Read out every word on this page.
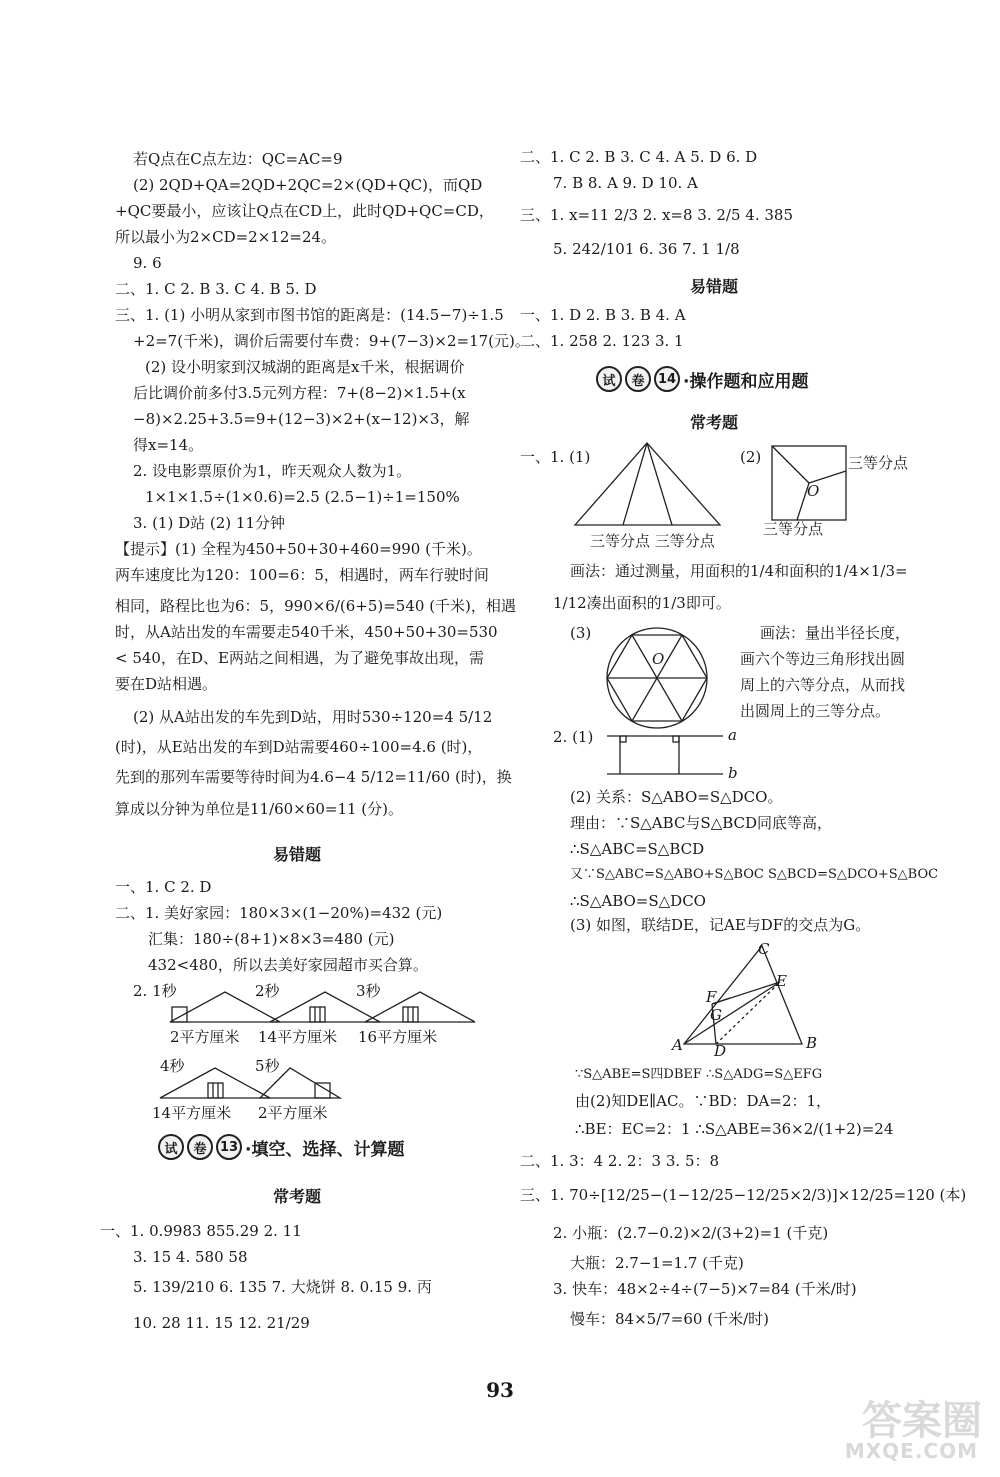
若Q点在C点左边：QC=AC=9
(2) 2QD+QA=2QD+2QC=2×(QD+QC)，而QD
+QC要最小，应该让Q点在CD上，此时QD+QC=CD，
所以最小为2×CD=2×12=24。
9. 6
二、1. C 2. B 3. C 4. B 5. D
三、1. (1) 小明从家到市图书馆的距离是：(14.5−7)÷1.5
+2=7(千米)，调价后需要付车费：9+(7−3)×2=17(元)。
(2) 设小明家到汉城湖的距离是x千米，根据调价
后比调价前多付3.5元列方程：7+(8−2)×1.5+(x
−8)×2.25+3.5=9+(12−3)×2+(x−12)×3，解
得x=14。
2. 设电影票原价为1，昨天观众人数为1。
1×1×1.5÷(1×0.6)=2.5 (2.5−1)÷1=150%
3. (1) D站 (2) 11分钟
【提示】(1) 全程为450+50+30+460=990 (千米)。
两车速度比为120：100=6：5，相遇时，两车行驶时间
相同，路程比也为6：5，990×6/(6+5)=540 (千米)，相遇
时，从A站出发的车需要走540千米，450+50+30=530
< 540，在D、E两站之间相遇，为了避免事故出现，需
要在D站相遇。
(2) 从A站出发的车先到D站，用时530÷120=4 5/12
(时)，从E站出发的车到D站需要460÷100=4.6 (时)，
先到的那列车需要等待时间为4.6−4 5/12=11/60 (时)，换
算成以分钟为单位是11/60×60=11 (分)。
易错题
一、1. C 2. D
二、1. 美好家园：180×3×(1−20%)=432 (元)
汇集：180÷(8+1)×8×3=480 (元)
432<480，所以去美好家园超市买合算。
2. 1秒	2秒	3秒
2平方厘米 14平方厘米 16平方厘米
4秒	5秒
14平方厘米 2平方厘米
试	卷	13 ·填空、选择、计算题
常考题
一、1. 0.9983 855.29 2. 11
3. 15 4. 580 58
5. 139/210 6. 135 7. 大烧饼 8. 0.15 9. 丙
10. 28 11. 15 12. 21/29
二、1. C 2. B 3. C 4. A 5. D 6. D
7. B 8. A 9. D 10. A
三、1. x=11 2/3 2. x=8 3. 2/5 4. 385
5. 242/101 6. 36 7. 1 1/8
易错题
一、1. D 2. B 3. B 4. A
二、1. 258 2. 123 3. 1
试	卷	14 ·操作题和应用题
常考题
一、1. (1)
三等分点 三等分点
(2)
O
三等分点
三等分点
画法：通过测量，用面积的1/4和面积的1/4×1/3=
1/12凑出面积的1/3即可。
(3)
O
画法：量出半径长度，
画六个等边三角形找出圆
周上的六等分点，从而找
出圆周上的三等分点。
2. (1)	a
b
(2) 关系：S△ABO=S△DCO。
理由：∵S△ABC与S△BCD同底等高，
∴S△ABC=S△BCD
又∵S△ABC=S△ABO+S△BOC S△BCD=S△DCO+S△BOC
∴S△ABO=S△DCO
(3) 如图，联结DE，记AE与DF的交点为G。
C
E
F
G
A D	B
∵S△ABE=S四DBEF ∴S△ADG=S△EFG
由(2)知DE∥AC。∵BD：DA=2：1，
∴BE：EC=2：1 ∴S△ABE=36×2/(1+2)=24
二、1. 3：4 2. 2：3 3. 5：8
三、1. 70÷[12/25−(1−12/25−12/25×2/3)]×12/25=120 (本)
2. 小瓶：(2.7−0.2)×2/(3+2)=1 (千克)
大瓶：2.7−1=1.7 (千克)
3. 快车：48×2÷4÷(7−5)×7=84 (千米/时)
慢车：84×5/7=60 (千米/时)
93
答案圈
MXQE.COM
